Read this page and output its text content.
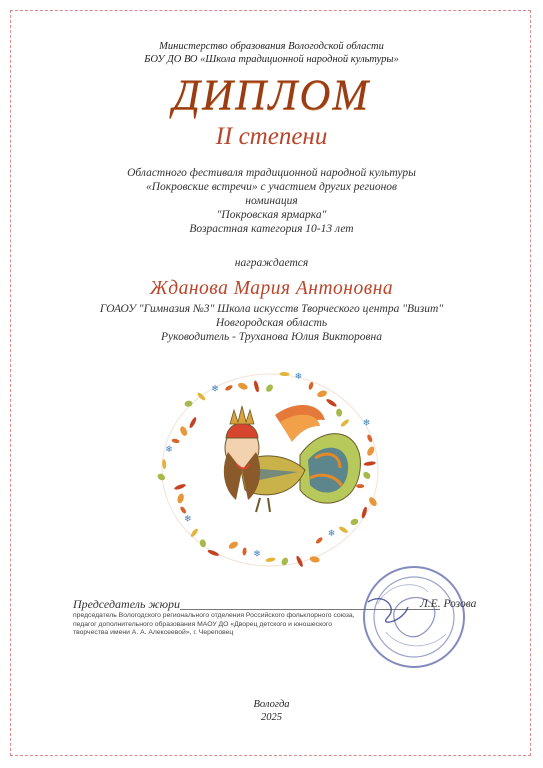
Министерство образования Вологодской области
БОУ ДО ВО «Школа традиционной народной культуры»
ДИПЛОМ
II степени
Областного фестиваля традиционной народной культуры
«Покровские встречи» с участием других регионов
номинация
"Покровская ярмарка"
Возрастная категория 10-13 лет
награждается
Жданова Мария Антоновна
ГОАОУ "Гимназия №3" Школа искусств Творческого центра "Визит"
Новгородская область
Руководитель - Труханова Юлия Викторовна
❄
❄
❄
❄
❄
❄
❄
Председатель жюри
председатель Вологодского регионального отделения Российского фольклорного союза, педагог дополнительного образования МАОУ ДО «Дворец детского и юношеского творчества имени А. А. Алексеевой», г. Череповец
Л.Е. Розова
Вологда
2025
